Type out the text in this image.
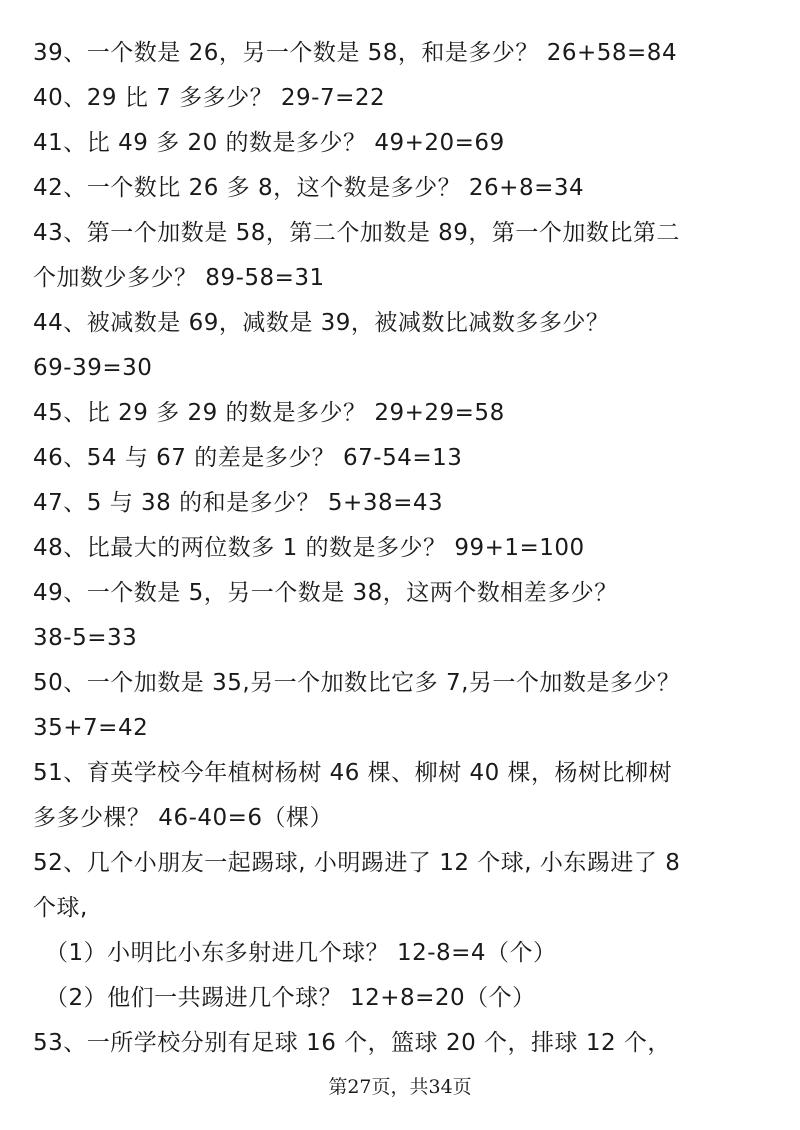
39、一个数是 26，另一个数是 58，和是多少？ 26+58=84
40、29 比 7 多多少？ 29-7=22
41、比 49 多 20 的数是多少？ 49+20=69
42、一个数比 26 多 8，这个数是多少？ 26+8=34
43、第一个加数是 58，第二个加数是 89，第一个加数比第二
个加数少多少？ 89-58=31
44、被减数是 69，减数是 39，被减数比减数多多少？
69-39=30
45、比 29 多 29 的数是多少？ 29+29=58
46、54 与 67 的差是多少？ 67-54=13
47、5 与 38 的和是多少？ 5+38=43
48、比最大的两位数多 1 的数是多少？ 99+1=100
49、一个数是 5，另一个数是 38，这两个数相差多少？
38-5=33
50、一个加数是 35,另一个加数比它多 7,另一个加数是多少？
35+7=42
51、育英学校今年植树杨树 46 棵、柳树 40 棵，杨树比柳树
多多少棵？ 46-40=6（棵）
52、几个小朋友一起踢球, 小明踢进了 12 个球, 小东踢进了 8
个球,
（1）小明比小东多射进几个球？ 12-8=4（个）
（2）他们一共踢进几个球？ 12+8=20（个）
53、一所学校分别有足球 16 个，篮球 20 个，排球 12 个，
第27页，共34页
